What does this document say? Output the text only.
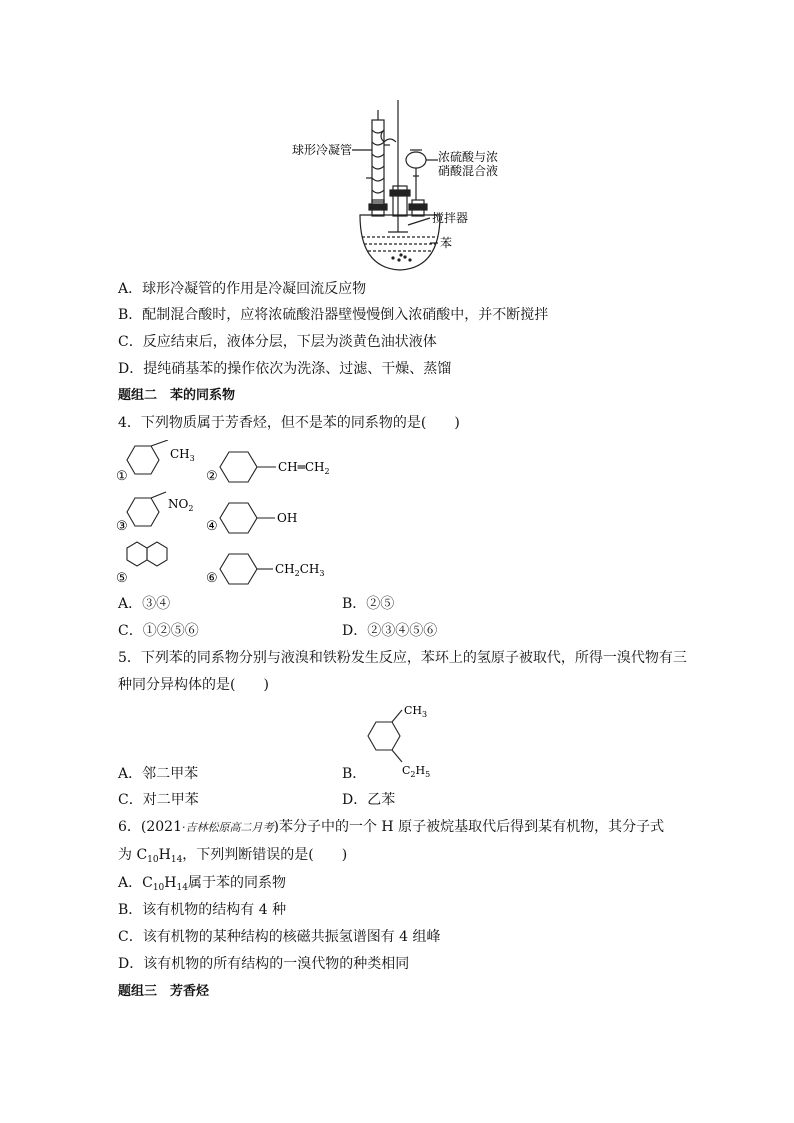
球形冷凝管	浓硫酸与浓
硝酸混合液
搅拌器
苯
A．球形冷凝管的作用是冷凝回流反应物
B．配制混合酸时，应将浓硫酸沿器壁慢慢倒入浓硝酸中，并不断搅拌
C．反应结束后，液体分层，下层为淡黄色油状液体
D．提纯硝基苯的操作依次为洗涤、过滤、干燥、蒸馏
题组二　苯的同系物
4．下列物质属于芳香烃，但不是苯的同系物的是(　　)
①	②
③	④
⑤	⑥
$CH_3$
$CH═CH_2$
$NO_2$
OH
$CH_2CH_3$
A．③④	B．②⑤
C．①②⑤⑥	D．②③④⑤⑥
5．下列苯的同系物分别与液溴和铁粉发生反应，苯环上的氢原子被取代，所得一溴代物有三
种同分异构体的是(　　)
$CH_3$
$C_2H_5$
A．邻二甲苯	B．
C．对二甲苯	D．乙苯
6．(2021·吉林松原高二月考)苯分子中的一个 H 原子被烷基取代后得到某有机物，其分子式
为 $C_{10}H_{14}$，下列判断错误的是(　　)
A．$C_{10}H_{14}$属于苯的同系物
B．该有机物的结构有 4 种
C．该有机物的某种结构的核磁共振氢谱图有 4 组峰
D．该有机物的所有结构的一溴代物的种类相同
题组三　芳香烃
